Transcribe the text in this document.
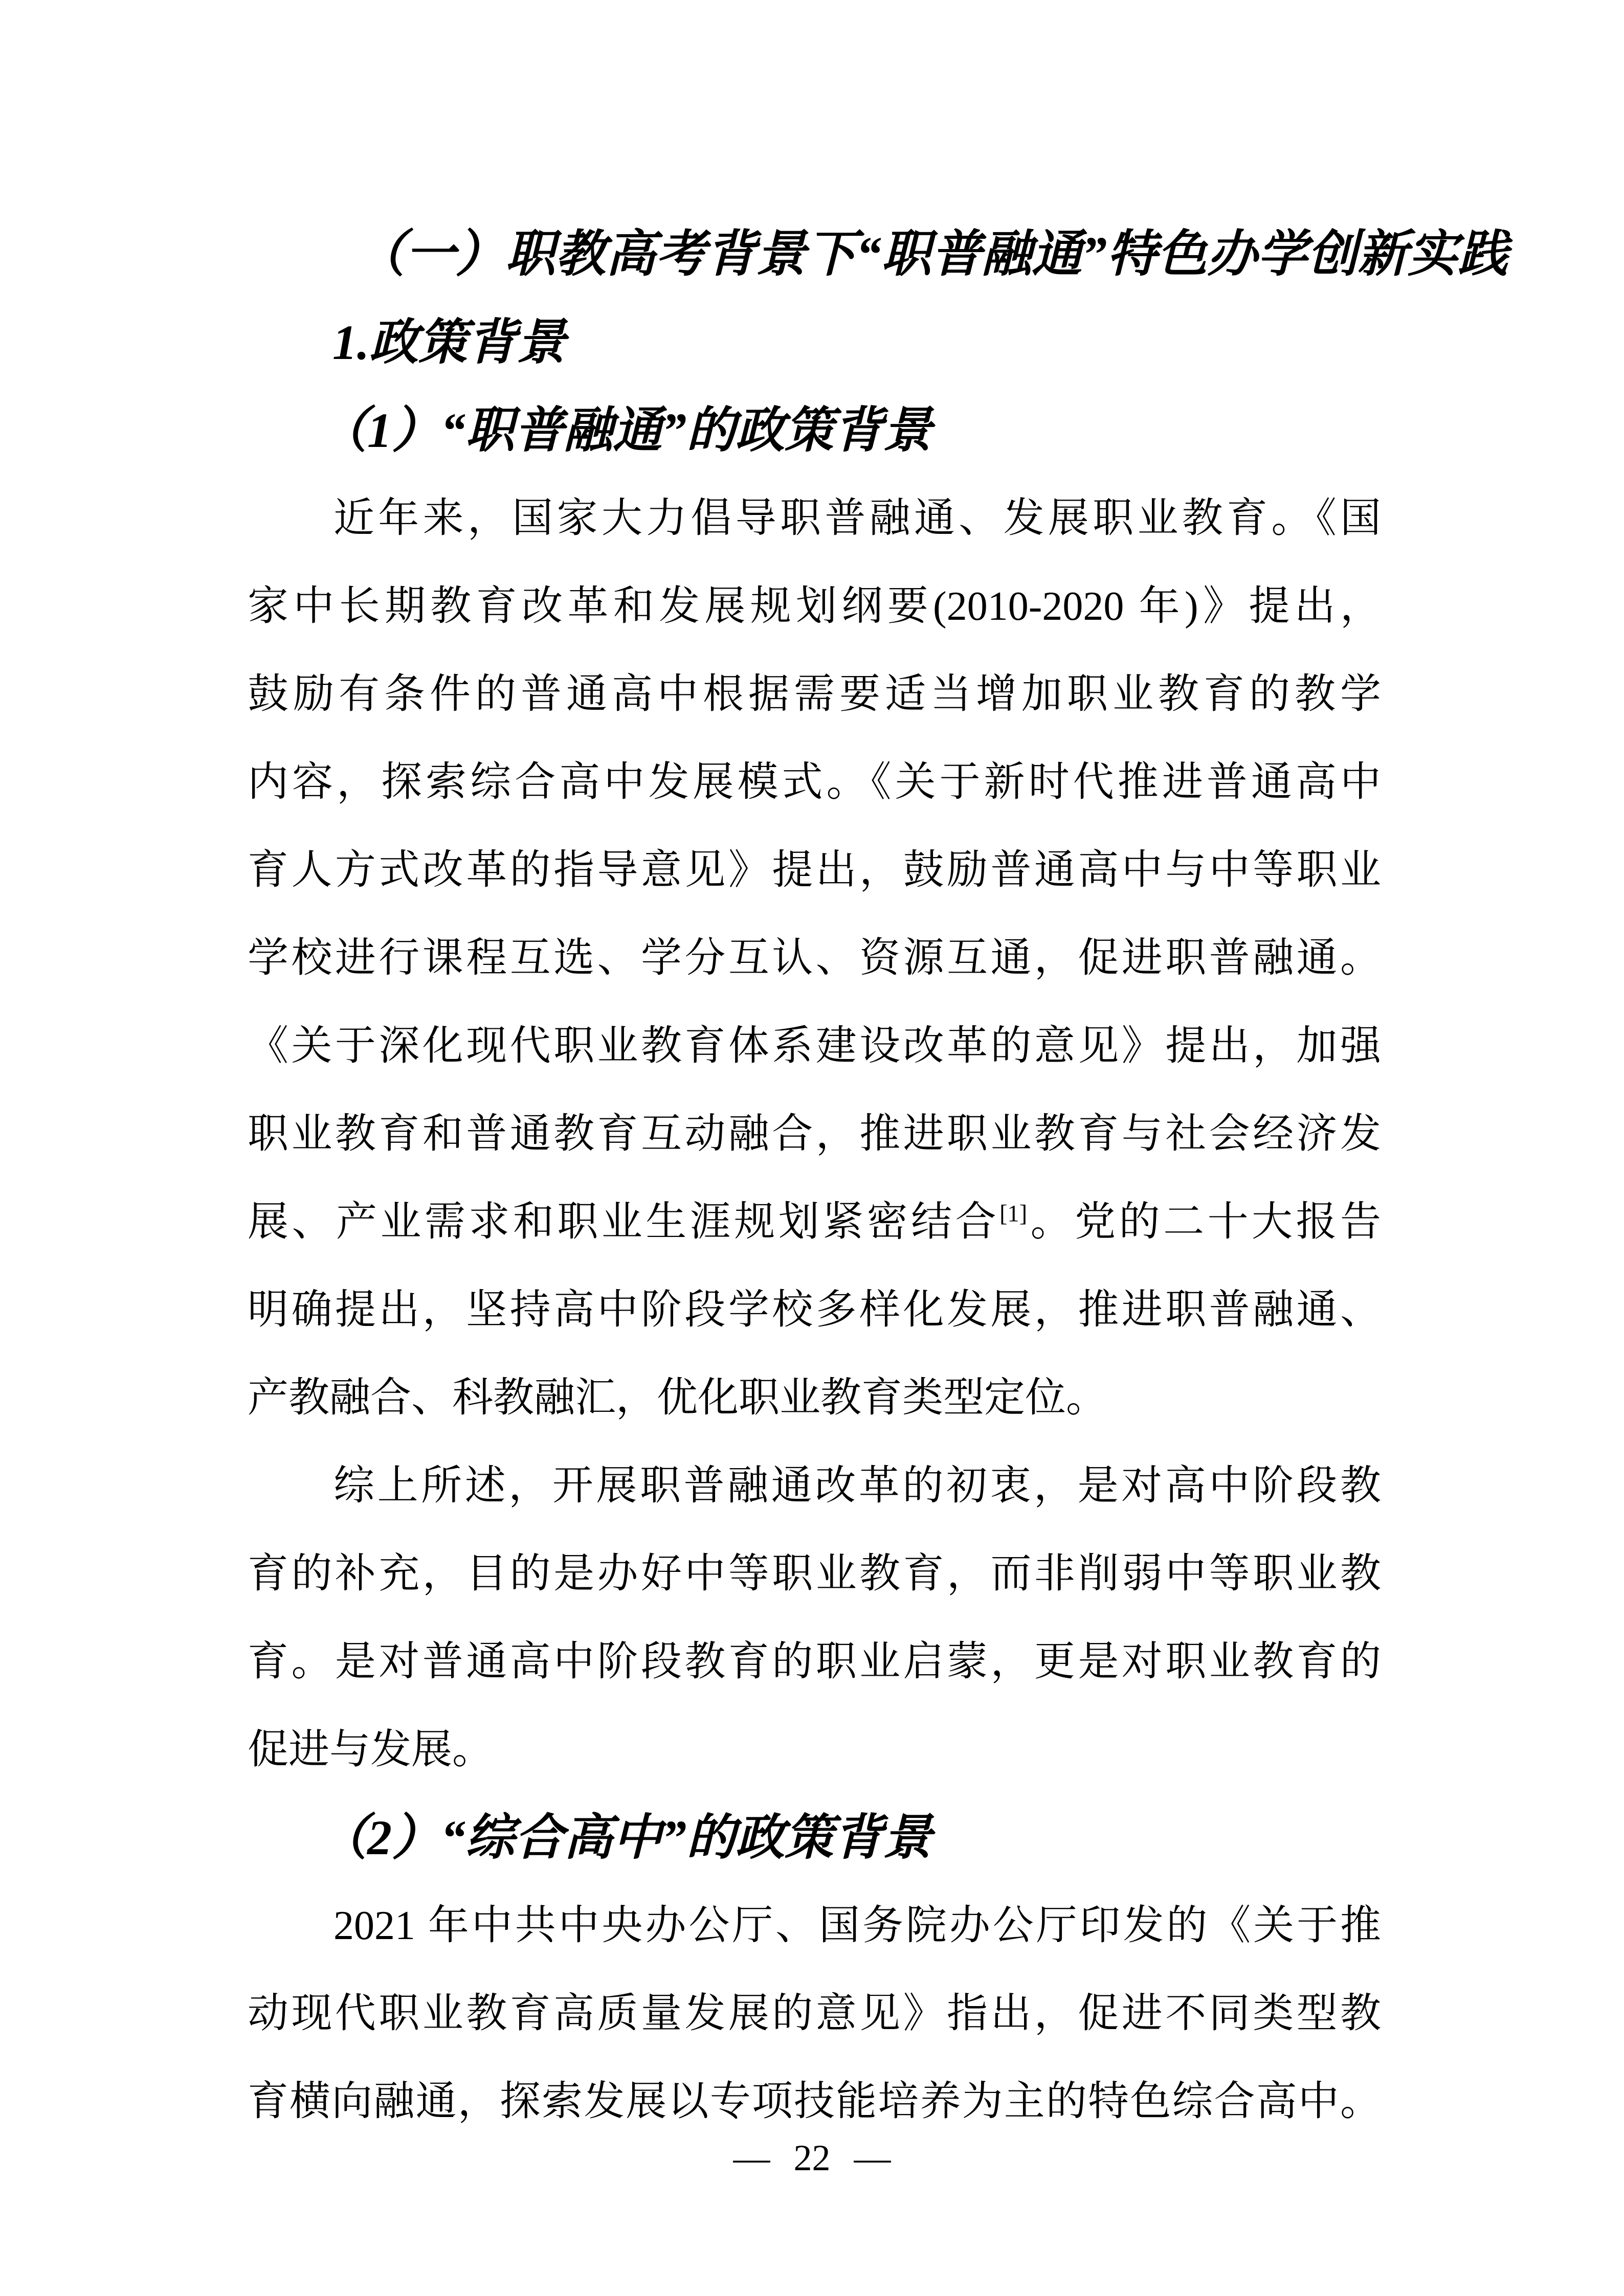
（一）职教高考背景下“职普融通”特色办学创新实践
1.政策背景
（1）“职普融通”的政策背景
近年来，国家大力倡导职普融通、发展职业教育。《国
家中长期教育改革和发展规划纲要(2010-2020 年)》提出，
鼓励有条件的普通高中根据需要适当增加职业教育的教学
内容，探索综合高中发展模式。《关于新时代推进普通高中
育人方式改革的指导意见》提出，鼓励普通高中与中等职业
学校进行课程互选、学分互认、资源互通，促进职普融通。
《关于深化现代职业教育体系建设改革的意见》提出，加强
职业教育和普通教育互动融合，推进职业教育与社会经济发
展、产业需求和职业生涯规划紧密结合[1]。党的二十大报告
明确提出，坚持高中阶段学校多样化发展，推进职普融通、
产教融合、科教融汇，优化职业教育类型定位。
综上所述，开展职普融通改革的初衷，是对高中阶段教
育的补充，目的是办好中等职业教育，而非削弱中等职业教
育。是对普通高中阶段教育的职业启蒙，更是对职业教育的
促进与发展。
（2）“综合高中”的政策背景
2021 年中共中央办公厅、国务院办公厅印发的《关于推
动现代职业教育高质量发展的意见》指出，促进不同类型教
育横向融通，探索发展以专项技能培养为主的特色综合高中。
— 22 —
